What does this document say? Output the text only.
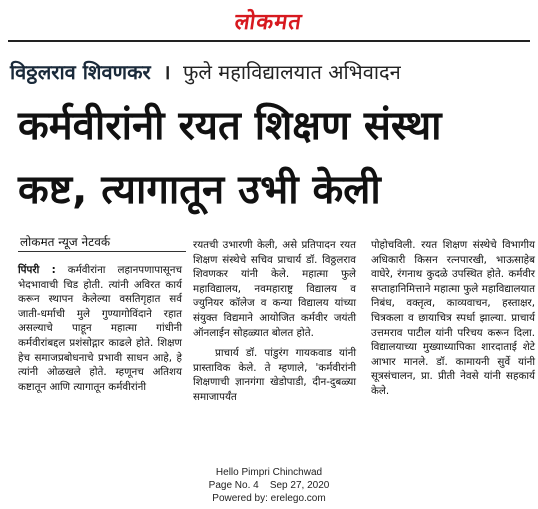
लोकमत
विठ्ठलराव शिवणकर । फुले महाविद्यालयात अभिवादन
कर्मवीरांनी रयत शिक्षण संस्था
कष्ट, त्यागातून उभी केली
लोकमत न्यूज नेटवर्क

पिंपरी : कर्मवीरांना लहानपणापासूनच भेदभावाची चिड होती. त्यांनी अविरत कार्य करून स्थापन केलेल्या वसतिगृहात सर्व जाती-धर्माची मुले गुण्यागोविंदाने रहात असल्याचे पाहून महात्मा गांधीनी कर्मवीरांबद्दल प्रशंसोद्गार काढले होते. शिक्षण हेच समाजप्रबोधनाचे प्रभावी साधन आहे, हे त्यांनी ओळखले होते. म्हणूनच अतिशय कष्टातून आणि त्यागातून कर्मवीरांनी

रयतची उभारणी केली, असे प्रतिपादन रयत शिक्षण संस्थेचे सचिव प्राचार्य डॉ. विठ्ठलराव शिवणकर यांनी केले. महात्मा फुले महाविद्यालय, नवमहाराष्ट्र विद्यालय व ज्युनियर कॉलेज व कन्या विद्यालय यांच्या संयुक्त विद्यमाने आयोजित कर्मवीर जयंती ऑनलाईन सोहळ्यात बोलत होते.

प्राचार्य डॉ. पांडुरंग गायकवाड यांनी प्रास्ताविक केले. ते म्हणाले, 'कर्मवीरांनी शिक्षणाची ज्ञानगंगा खेडोपाडी, दीन-दुबळ्या समाजापर्यंत

पोहोचविली. रयत शिक्षण संस्थेचे विभागीय अधिकारी किसन रत्नपारखी, भाऊसाहेब वाघेरे, रंगनाथ कुदळे उपस्थित होते. कर्मवीर सप्ताहानिमित्ताने महात्मा फुले महाविद्यालयात निबंध, वक्तृत्व, काव्यवाचन, हस्ताक्षर, चित्रकला व छायाचित्र स्पर्धा झाल्या. प्राचार्य उत्तमराव पाटील यांनी परिचय करून दिला. विद्यालयाच्या मुख्याध्यापिका शारदाताई शेटे आभार मानले. डॉ. कामायनी सुर्वे यांनी सूत्रसंचालन, प्रा. प्रीती नेवसे यांनी सहकार्य केले.

Hello Pimpri Chinchwad
Page No. 4    Sep 27, 2020
Powered by: erelego.com
